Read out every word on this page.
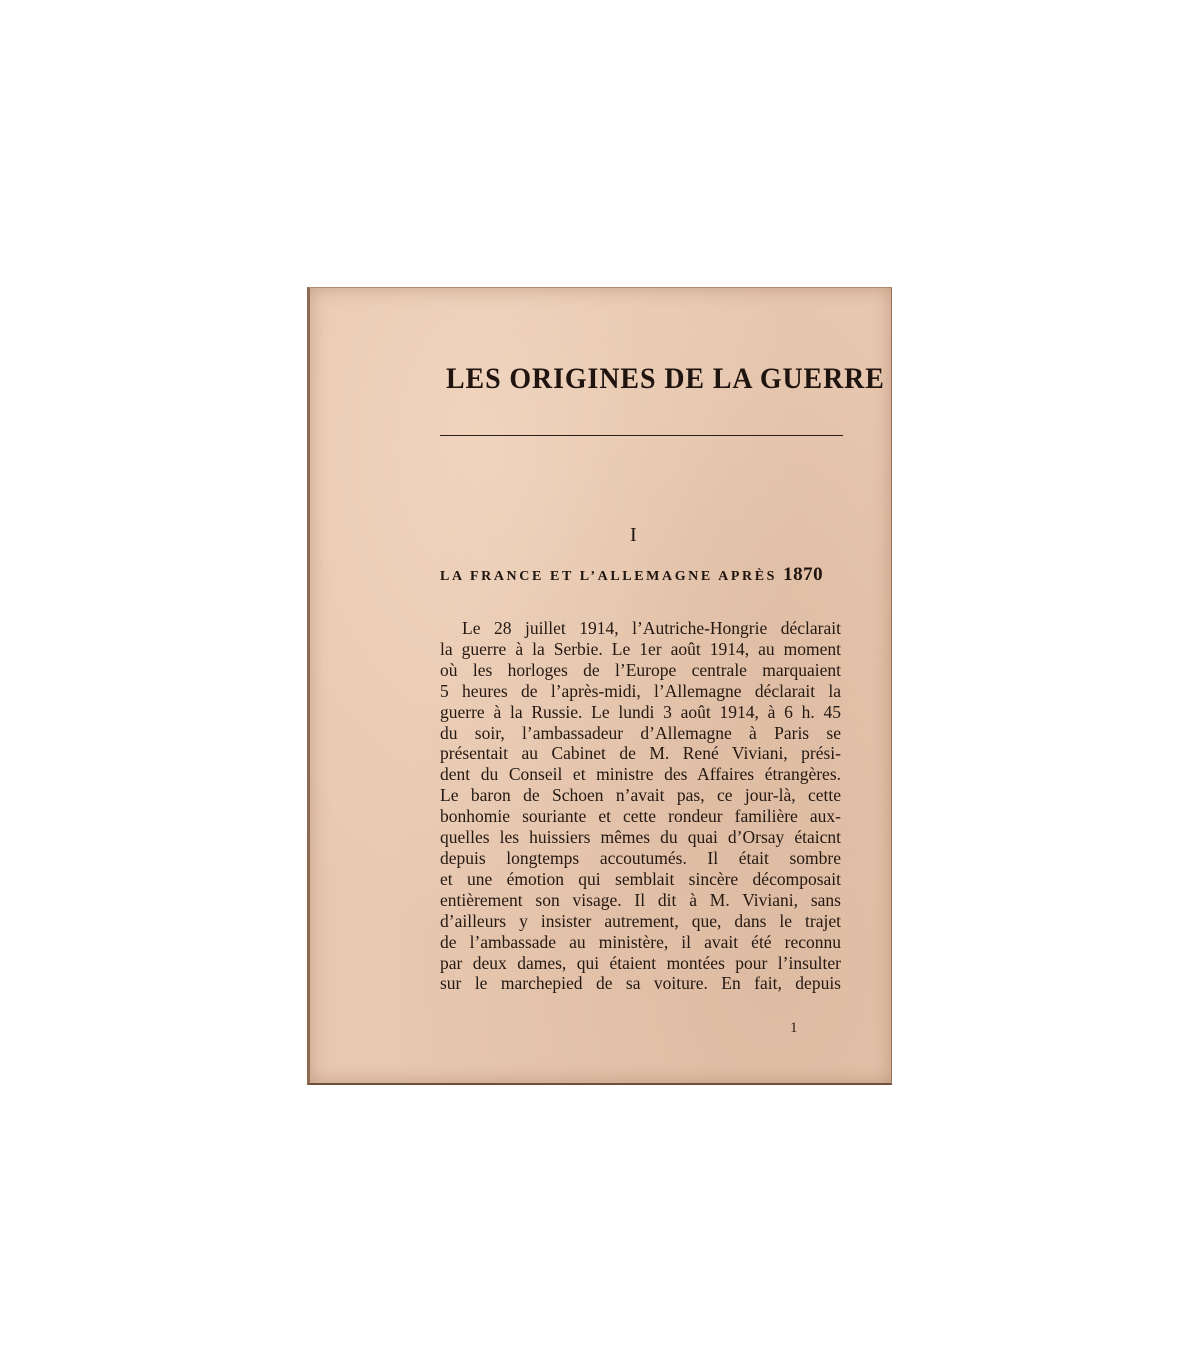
LES ORIGINES DE LA GUERRE
I
LA FRANCE ET L’ALLEMAGNE APRÈS 1870
Le 28 juillet 1914, l’Autriche-Hongrie déclarait
la guerre à la Serbie. Le 1er août 1914, au moment
où les horloges de l’Europe centrale marquaient
5 heures de l’après-midi, l’Allemagne déclarait la
guerre à la Russie. Le lundi 3 août 1914, à 6 h. 45
du soir, l’ambassadeur d’Allemagne à Paris se
présentait au Cabinet de M. René Viviani, prési-
dent du Conseil et ministre des Affaires étrangères.
Le baron de Schoen n’avait pas, ce jour-là, cette
bonhomie souriante et cette rondeur familière aux-
quelles les huissiers mêmes du quai d’Orsay étaicnt
depuis longtemps accoutumés. Il était sombre
et une émotion qui semblait sincère décomposait
entièrement son visage. Il dit à M. Viviani, sans
d’ailleurs y insister autrement, que, dans le trajet
de l’ambassade au ministère, il avait été reconnu
par deux dames, qui étaient montées pour l’insulter
sur le marchepied de sa voiture. En fait, depuis
1
